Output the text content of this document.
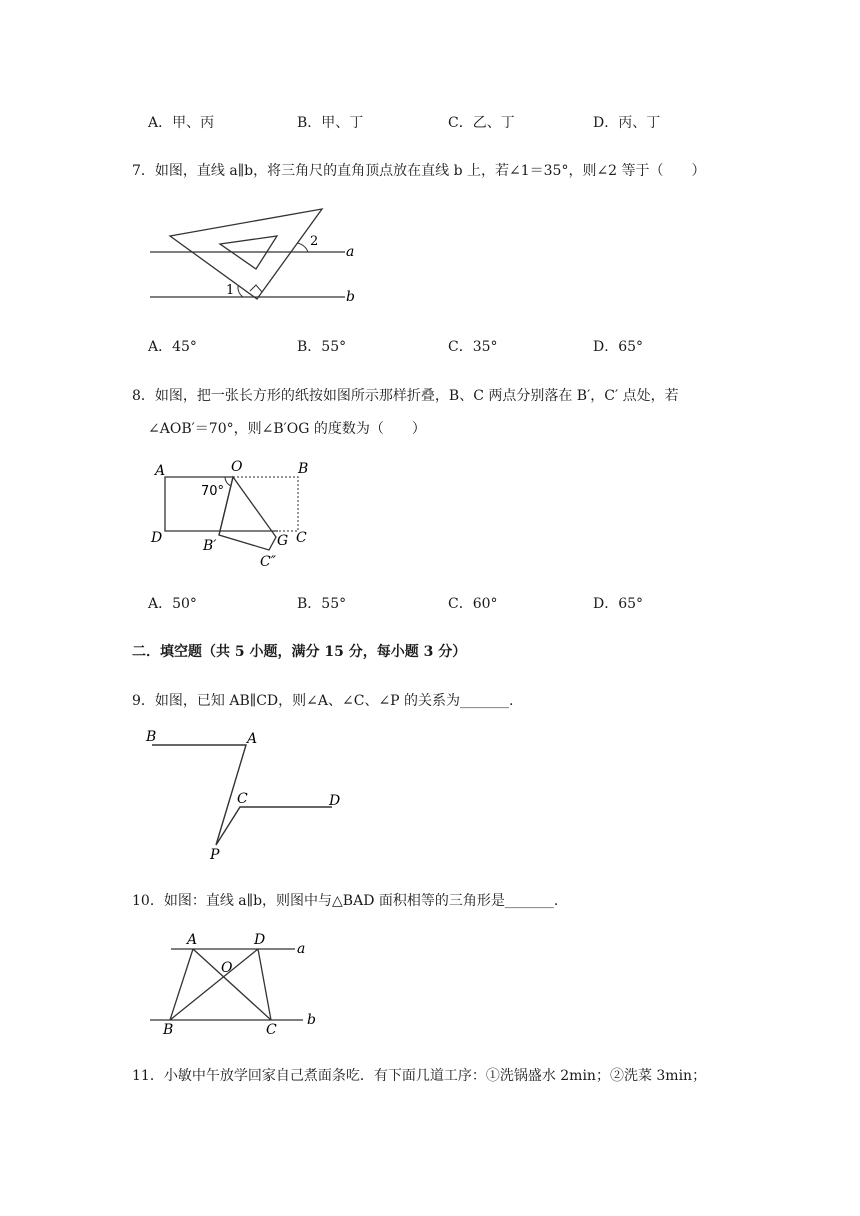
A．甲、丙	B．甲、丁	C．乙、丁	D．丙、丁
7．如图，直线 a∥b，将三角尺的直角顶点放在直线 b 上，若∠1＝35°，则∠2 等于（　　）
a
b
1
2
A．45°	B．55°	C．35°	D．65°
8．如图，把一张长方形的纸按如图所示那样折叠，B、C 两点分别落在 B′，C′ 点处，若
∠AOB′＝70°，则∠B′OG 的度数为（　　）
A	O	B
D	B′	G C
C″
70°
A．50°	B．55°	C．60°	D．65°
二．填空题（共 5 小题，满分 15 分，每小题 3 分）
9．如图，已知 AB∥CD，则∠A、∠C、∠P 的关系为_______.
B	A
C	D
P
10．如图：直线 a∥b，则图中与△BAD 面积相等的三角形是_______.
A	D
O
B	C
a
b
11．小敏中午放学回家自己煮面条吃．有下面几道工序：①洗锅盛水 2min；②洗菜 3min；
